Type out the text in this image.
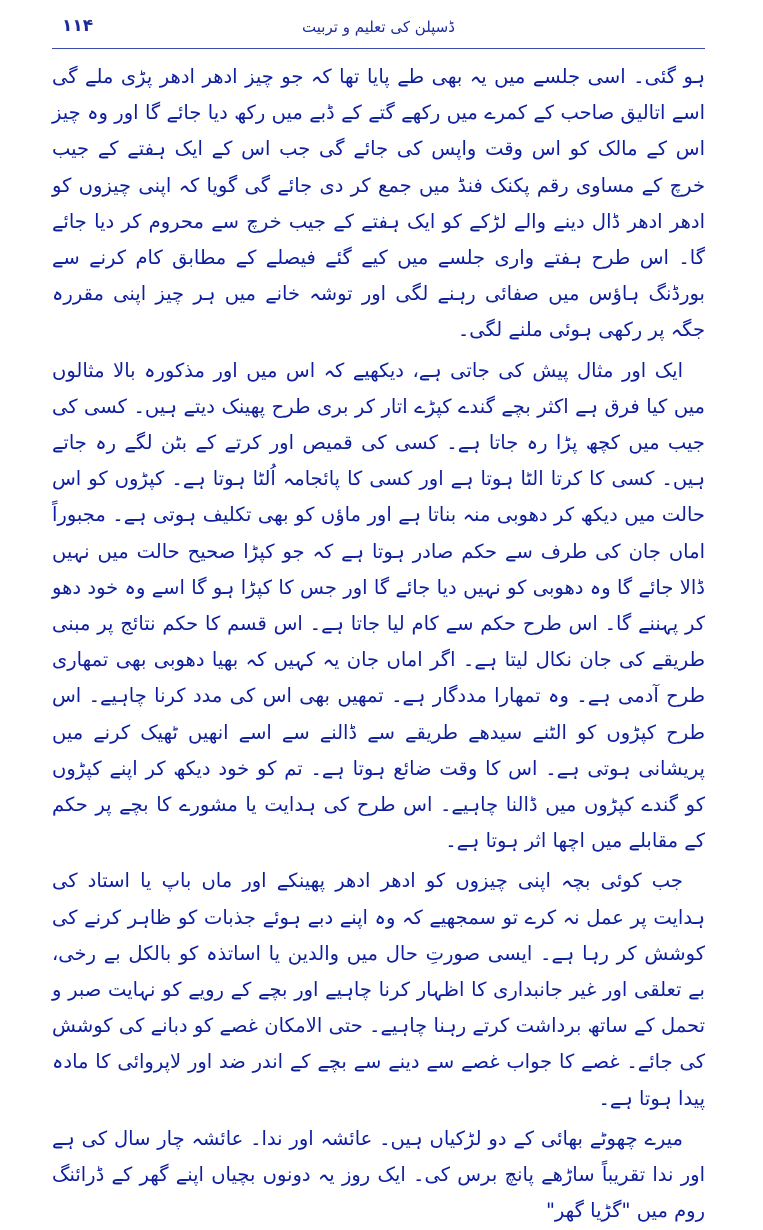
۱۱۴	ڈسپلن کی تعلیم و تربیت

ہو گئی۔ اسی جلسے میں یہ بھی طے پایا تھا کہ جو چیز ادھر ادھر پڑی ملے گی اسے اتالیق صاحب کے کمرے میں رکھے گتے کے ڈبے میں رکھ دیا جائے گا اور وہ چیز اس کے مالک کو اس وقت واپس کی جائے گی جب اس کے ایک ہفتے کے جیب خرچ کے مساوی رقم پکنک فنڈ میں جمع کر دی جائے گی گویا کہ اپنی چیزوں کو ادھر ادھر ڈال دینے والے لڑکے کو ایک ہفتے کے جیب خرچ سے محروم کر دیا جائے گا۔ اس طرح ہفتے واری جلسے میں کیے گئے فیصلے کے مطابق کام کرنے سے بورڈنگ ہاؤس میں صفائی رہنے لگی اور توشہ خانے میں ہر چیز اپنی مقررہ جگہ پر رکھی ہوئی ملنے لگی۔

ایک اور مثال پیش کی جاتی ہے، دیکھیے کہ اس میں اور مذکورہ بالا مثالوں میں کیا فرق ہے اکثر بچے گندے کپڑے اتار کر بری طرح پھینک دیتے ہیں۔ کسی کی جیب میں کچھ پڑا رہ جاتا ہے۔ کسی کی قمیص اور کرتے کے بٹن لگے رہ جاتے ہیں۔ کسی کا کرتا الٹا ہوتا ہے اور کسی کا پائجامہ اُلٹا ہوتا ہے۔ کپڑوں کو اس حالت میں دیکھ کر دھوبی منہ بناتا ہے اور ماؤں کو بھی تکلیف ہوتی ہے۔ مجبوراً اماں جان کی طرف سے حکم صادر ہوتا ہے کہ جو کپڑا صحیح حالت میں نہیں ڈالا جائے گا وہ دھوبی کو نہیں دیا جائے گا اور جس کا کپڑا ہو گا اسے وہ خود دھو کر پہننے گا۔ اس طرح حکم سے کام لیا جاتا ہے۔ اس قسم کا حکم نتائج پر مبنی طریقے کی جان نکال لیتا ہے۔ اگر اماں جان یہ کہیں کہ بھیا دھوبی بھی تمھاری طرح آدمی ہے۔ وہ تمھارا مددگار ہے۔ تمھیں بھی اس کی مدد کرنا چاہیے۔ اس طرح کپڑوں کو الٹنے سیدھے طریقے سے ڈالنے سے اسے انھیں ٹھیک کرنے میں پریشانی ہوتی ہے۔ اس کا وقت ضائع ہوتا ہے۔ تم کو خود دیکھ کر اپنے کپڑوں کو گندے کپڑوں میں ڈالنا چاہیے۔ اس طرح کی ہدایت یا مشورے کا بچے پر حکم کے مقابلے میں اچھا اثر ہوتا ہے۔

جب کوئی بچہ اپنی چیزوں کو ادھر ادھر پھینکے اور ماں باپ یا استاد کی ہدایت پر عمل نہ کرے تو سمجھیے کہ وہ اپنے دبے ہوئے جذبات کو ظاہر کرنے کی کوشش کر رہا ہے۔ ایسی صورتِ حال میں والدین یا اساتذہ کو بالکل بے رخی، بے تعلقی اور غیر جانبداری کا اظہار کرنا چاہیے اور بچے کے رویے کو نہایت صبر و تحمل کے ساتھ برداشت کرتے رہنا چاہیے۔ حتی الامکان غصے کو دبانے کی کوشش کی جائے۔ غصے کا جواب غصے سے دینے سے بچے کے اندر ضد اور لاپروائی کا مادہ پیدا ہوتا ہے۔

میرے چھوٹے بھائی کے دو لڑکیاں ہیں۔ عائشہ اور ندا۔ عائشہ چار سال کی ہے اور ندا تقریباً ساڑھے پانچ برس کی۔ ایک روز یہ دونوں بچیاں اپنے گھر کے ڈرائنگ روم میں "گڑیا گھر"
